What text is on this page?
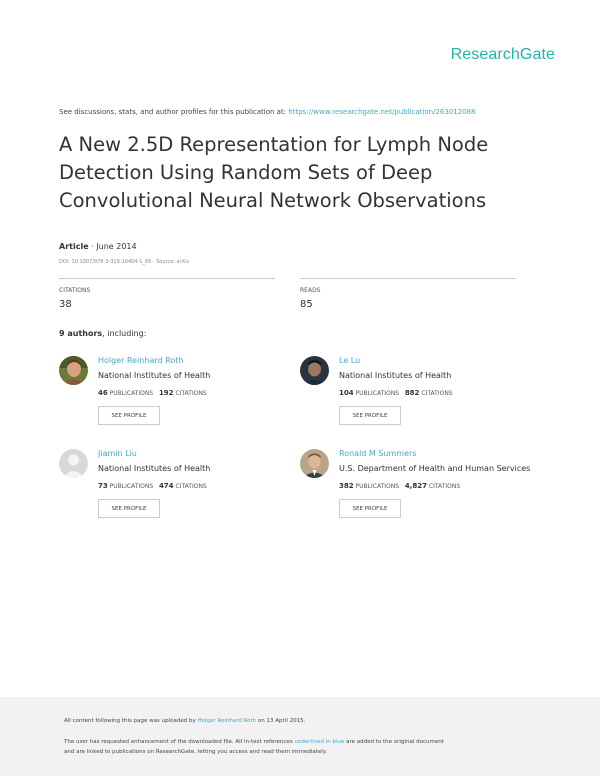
ResearchGate
See discussions, stats, and author profiles for this publication at: https://www.researchgate.net/publication/263012088
A New 2.5D Representation for Lymph Node Detection Using Random Sets of Deep Convolutional Neural Network Observations
Article · June 2014
DOI: 10.1007/978-3-319-10404-1_65 · Source: arXiv
CITATIONS
38
READS
85
9 authors, including:
Holger Reinhard Roth
National Institutes of Health
46 PUBLICATIONS 192 CITATIONS
SEE PROFILE
Le Lu
National Institutes of Health
104 PUBLICATIONS 882 CITATIONS
SEE PROFILE
Jiamin Liu
National Institutes of Health
73 PUBLICATIONS 474 CITATIONS
SEE PROFILE
Ronald M Summers
U.S. Department of Health and Human Services
382 PUBLICATIONS 4,827 CITATIONS
SEE PROFILE
All content following this page was uploaded by Holger Reinhard Roth on 13 April 2015.
The user has requested enhancement of the downloaded file. All in-text references underlined in blue are added to the original document
and are linked to publications on ResearchGate, letting you access and read them immediately.
